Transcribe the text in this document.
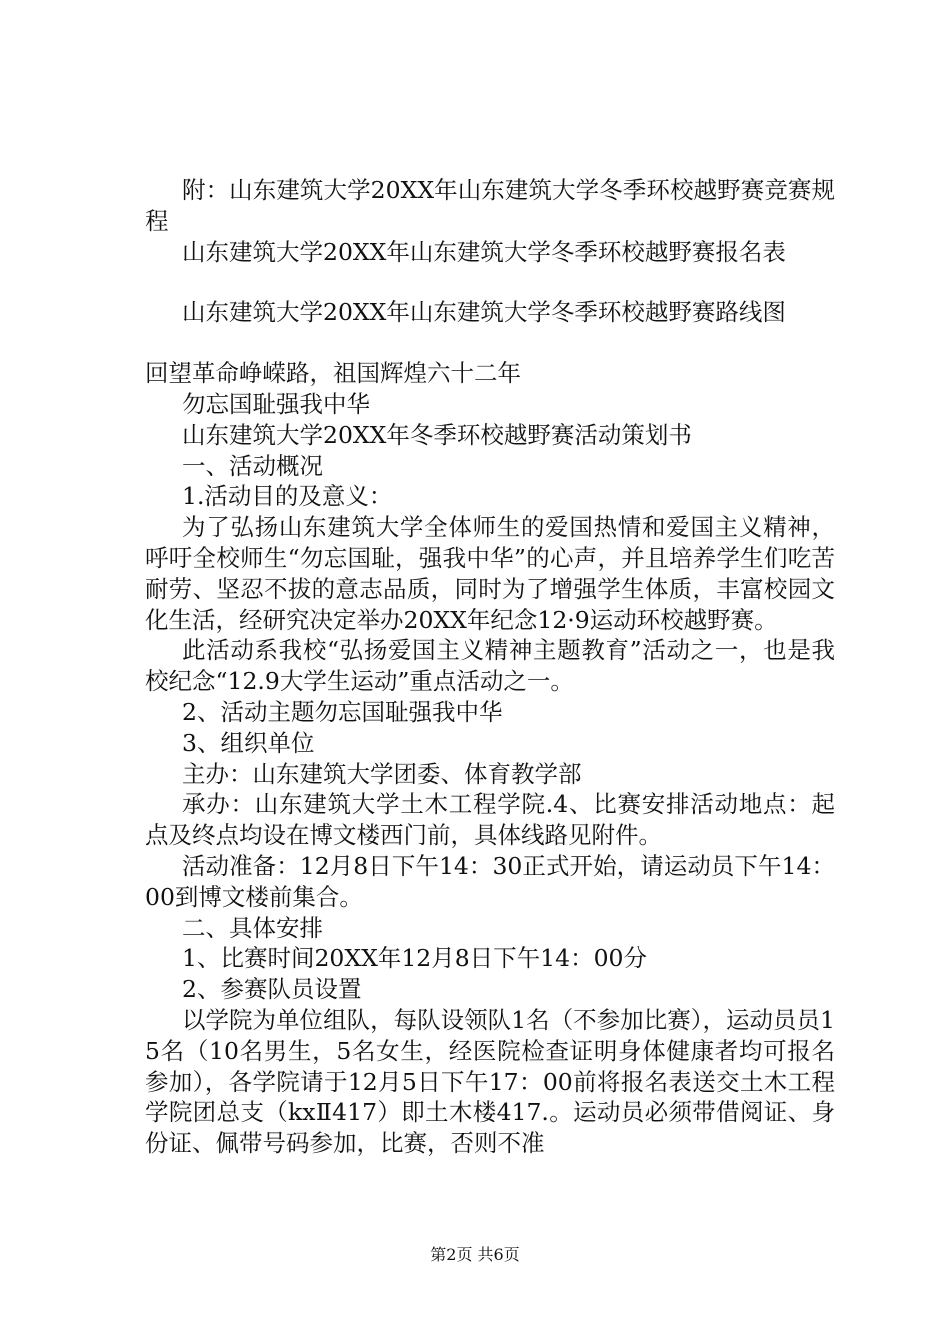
附：山东建筑大学20XX年山东建筑大学冬季环校越野赛竞赛规程

山东建筑大学20XX年山东建筑大学冬季环校越野赛报名表

山东建筑大学20XX年山东建筑大学冬季环校越野赛路线图

回望革命峥嵘路，祖国辉煌六十二年

勿忘国耻强我中华

山东建筑大学20XX年冬季环校越野赛活动策划书

一、活动概况

1.活动目的及意义：

为了弘扬山东建筑大学全体师生的爱国热情和爱国主义精神，呼吁全校师生“勿忘国耻，强我中华”的心声，并且培养学生们吃苦耐劳、坚忍不拔的意志品质，同时为了增强学生体质，丰富校园文化生活，经研究决定举办20XX年纪念12·9运动环校越野赛。

此活动系我校“弘扬爱国主义精神主题教育”活动之一，也是我校纪念“12.9大学生运动”重点活动之一。

2、活动主题勿忘国耻强我中华

3、组织单位

主办：山东建筑大学团委、体育教学部

承办：山东建筑大学土木工程学院.4、比赛安排活动地点：起点及终点均设在博文楼西门前，具体线路见附件。

活动准备：12月8日下午14：30正式开始，请运动员下午14：00到博文楼前集合。

二、具体安排

1、比赛时间20XX年12月8日下午14：00分

2、参赛队员设置

以学院为单位组队，每队设领队1名（不参加比赛），运动员员15名（10名男生，5名女生，经医院检查证明身体健康者均可报名参加），各学院请于12月5日下午17：00前将报名表送交土木工程学院团总支（kxⅡ417）即土木楼417.。运动员必须带借阅证、身份证、佩带号码参加，比赛，否则不准

第2页 共6页
